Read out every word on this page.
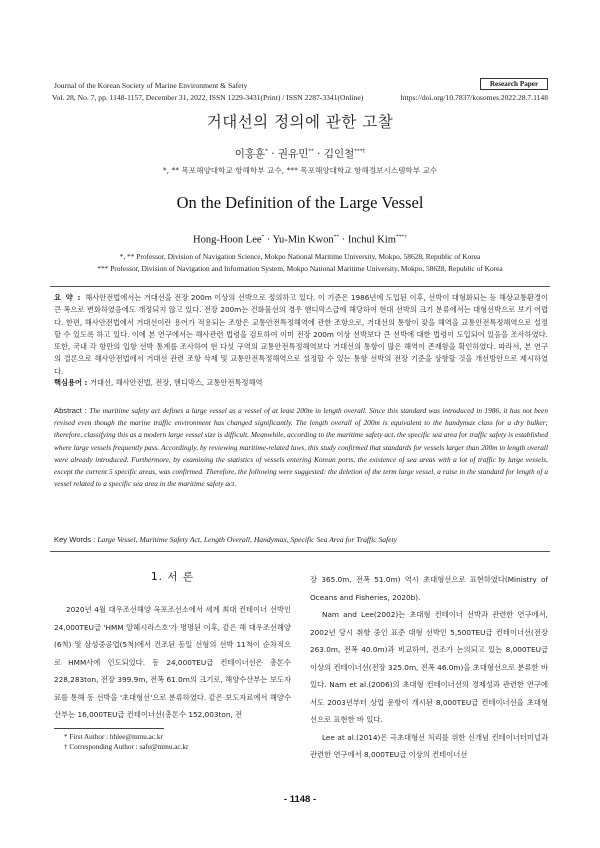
Journal of the Korean Society of Marine Environment & Safety	Research Paper
Vol. 28, No. 7, pp. 1148-1157, December 31, 2022, ISSN 1229-3431(Print) / ISSN 2287-3341(Online)	https://doi.org/10.7837/kosomes.2022.28.7.1148
거대선의 정의에 관한 고찰
이홍훈* · 권유민** · 김인철***†
*, ** 목포해양대학교 항해학부 교수, *** 목포해양대학교 항해정보시스템학부 교수
On the Definition of the Large Vessel
Hong-Hoon Lee* · Yu-Min Kwon** · Inchul Kim***†
*, ** Professor, Division of Navigation Science, Mokpo National Maritime University, Mokpo, 58628, Republic of Korea
*** Professor, Division of Navigation and Information System, Mokpo National Maritime University, Mokpo, 58628, Republic of Korea
요 약 : 해사안전법에서는 거대선을 전장 200m 이상의 선박으로 정의하고 있다. 이 기준은 1986년에 도입된 이후, 선박이 대형화되는 등 해상교통환경이 큰 폭으로 변화하였음에도 개정되지 않고 있다. 전장 200m는 건화물선의 경우 핸디막스급에 해당하여 현대 선박의 크기 분류에서는 대형선박으로 보기 어렵다. 한편, 해사안전법에서 거대선이란 용어가 적용되는 조항은 교통안전특정해역에 관한 조항으로, 거대선의 통항이 잦을 해역을 교통안전특정해역으로 설정할 수 있도록 하고 있다. 이에 본 연구에서는 해사관련 법령을 검토하여 이미 전장 200m 이상 선박보다 큰 선박에 대한 법령이 도입되어 있음을 조사하였다. 또한, 국내 각 항만의 입항 선박 통계를 조사하여 현 다섯 구역의 교통안전특정해역보다 거대선의 통항이 많은 해역이 존재함을 확인하였다. 따라서, 본 연구의 결론으로 해사안전법에서 거대선 관련 조항 삭제 및 교통안전특정해역으로 설정할 수 있는 통항 선박의 전장 기준을 상향할 것을 개선방안으로 제시하였다.
핵심용어 : 거대선, 해사안전법, 전장, 핸디막스, 교통안전특정해역
Abstract : The maritime safety act defines a large vessel as a vessel of at least 200m in length overall. Since this standard was introduced in 1986, it has not been revised even though the marine traffic environment has changed significantly. The length overall of 200m is equivalent to the handymax class for a dry bulker; therefore, classifying this as a modern large vessel size is difficult. Meanwhile, according to the maritime safety act, the specific sea area for traffic safety is established where large vessels frequently pass. Accordingly, by reviewing maritime-related laws, this study confirmed that standards for vessels larger than 200m in length overall were already introduced. Furthermore, by examining the statistics of vessels entering Korean ports, the existence of sea areas with a lot of traffic by large vessels, except the current 5 specific areas, was confirmed. Therefore, the following were suggested: the deletion of the term large vessel, a raise in the standard for length of a vessel related to a specific sea area in the maritime safety act.
Key Words : Large Vessel, Maritime Safety Act, Length Overall, Handymax, Specific Sea Area for Traffic Safety
1. 서 론

2020년 4월 대우조선해양 옥포조선소에서 세계 최대 컨테이너 선박인 24,000TEU급 'HMM 알헤시라스호'가 명명된 이후, 같은 해 대우조선해양(6척) 및 삼성중공업(5척)에서 건조된 동일 선형의 선박 11척이 순차적으로 HMM사에 인도되었다. 동 24,000TEU급 컨테이너선은 총톤수 228,283ton, 전장 399.9m, 전폭 61.0m의 크기로, 해양수산부는 보도자료를 통해 동 선박을 '초대형선'으로 분류하였다. 같은 보도자료에서 해양수산부는 16,000TEU급 컨테이너선(총톤수 152,003ton, 전

장 365.0m, 전폭 51.0m) 역시 초대형선으로 표현하였다(Ministry of Oceans and Fisheries, 2020b).

Nam and Lee(2002)는 초대형 컨테이너 선박과 관련한 연구에서, 2002년 당시 취항 중인 표준 대형 선박인 5,500TEU급 컨테이너선(전장 263.0m, 전폭 40.0m)과 비교하여, 건조가 논의되고 있는 8,000TEU급 이상의 컨테이너선(전장 325.0m, 전폭 46.0m)을 초대형선으로 분류한 바 있다. Nam et al.(2006)의 초대형 컨테이너선의 경제성과 관련한 연구에서도 2003년부터 상업 운항이 개시된 8,000TEU급 컨테이너선을 초대형선으로 표현한 바 있다.

Lee at al.(2014)은 극초대형선 처리를 위한 신개념 컨테이너터미널과 관련한 연구에서 8,000TEU급 이상의 컨테이너선

* First Author : hhlee@mmu.ac.kr
† Corresponding Author : safe@mmu.ac.kr
- 1148 -
